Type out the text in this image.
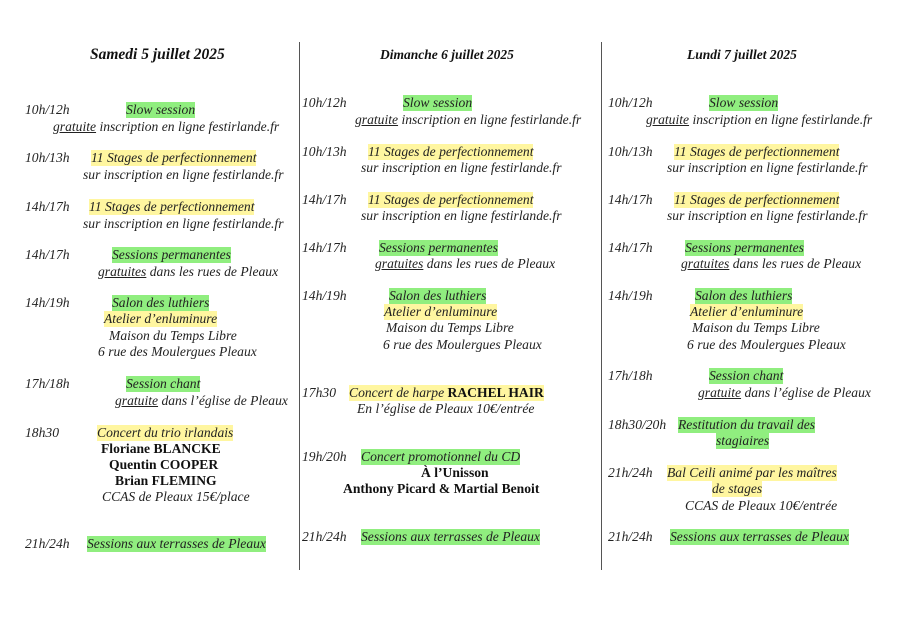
Samedi 5 juillet 2025
10h/12h	Slow session
gratuite inscription en ligne festirlande.fr
10h/13h 11 Stages de perfectionnement
sur inscription en ligne festirlande.fr
14h/17h 11 Stages de perfectionnement
sur inscription en ligne festirlande.fr
14h/17h	Sessions permanentes
gratuites dans les rues de Pleaux
14h/19h	Salon des luthiers
Atelier d’enluminure
Maison du Temps Libre
6 rue des Moulergues Pleaux
17h/18h	Session chant
gratuite dans l’église de Pleaux
18h30	Concert du trio irlandais
Floriane BLANCKE
Quentin COOPER
Brian FLEMING
CCAS de Pleaux 15€/place
21h/24h Sessions aux terrasses de Pleaux
Dimanche 6 juillet 2025
10h/12h	Slow session
gratuite inscription en ligne festirlande.fr
10h/13h 11 Stages de perfectionnement
sur inscription en ligne festirlande.fr
14h/17h 11 Stages de perfectionnement
sur inscription en ligne festirlande.fr
14h/17h Sessions permanentes
gratuites dans les rues de Pleaux
14h/19h	Salon des luthiers
Atelier d’enluminure
Maison du Temps Libre
6 rue des Moulergues Pleaux
17h30 Concert de harpe RACHEL HAIR
En l’église de Pleaux 10€/entrée
19h/20h Concert promotionnel du CD
À l’Unisson
Anthony Picard & Martial Benoit
21h/24h Sessions aux terrasses de Pleaux
Lundi 7 juillet 2025
10h/12h	Slow session
gratuite inscription en ligne festirlande.fr
10h/13h 11 Stages de perfectionnement
sur inscription en ligne festirlande.fr
14h/17h 11 Stages de perfectionnement
sur inscription en ligne festirlande.fr
14h/17h Sessions permanentes
gratuites dans les rues de Pleaux
14h/19h	Salon des luthiers
Atelier d’enluminure
Maison du Temps Libre
6 rue des Moulergues Pleaux
17h/18h	Session chant
gratuite dans l’église de Pleaux
18h30/20h Restitution du travail des
stagiaires
21h/24h Bal Ceili animé par les maîtres
de stages
CCAS de Pleaux 10€/entrée
21h/24h Sessions aux terrasses de Pleaux
